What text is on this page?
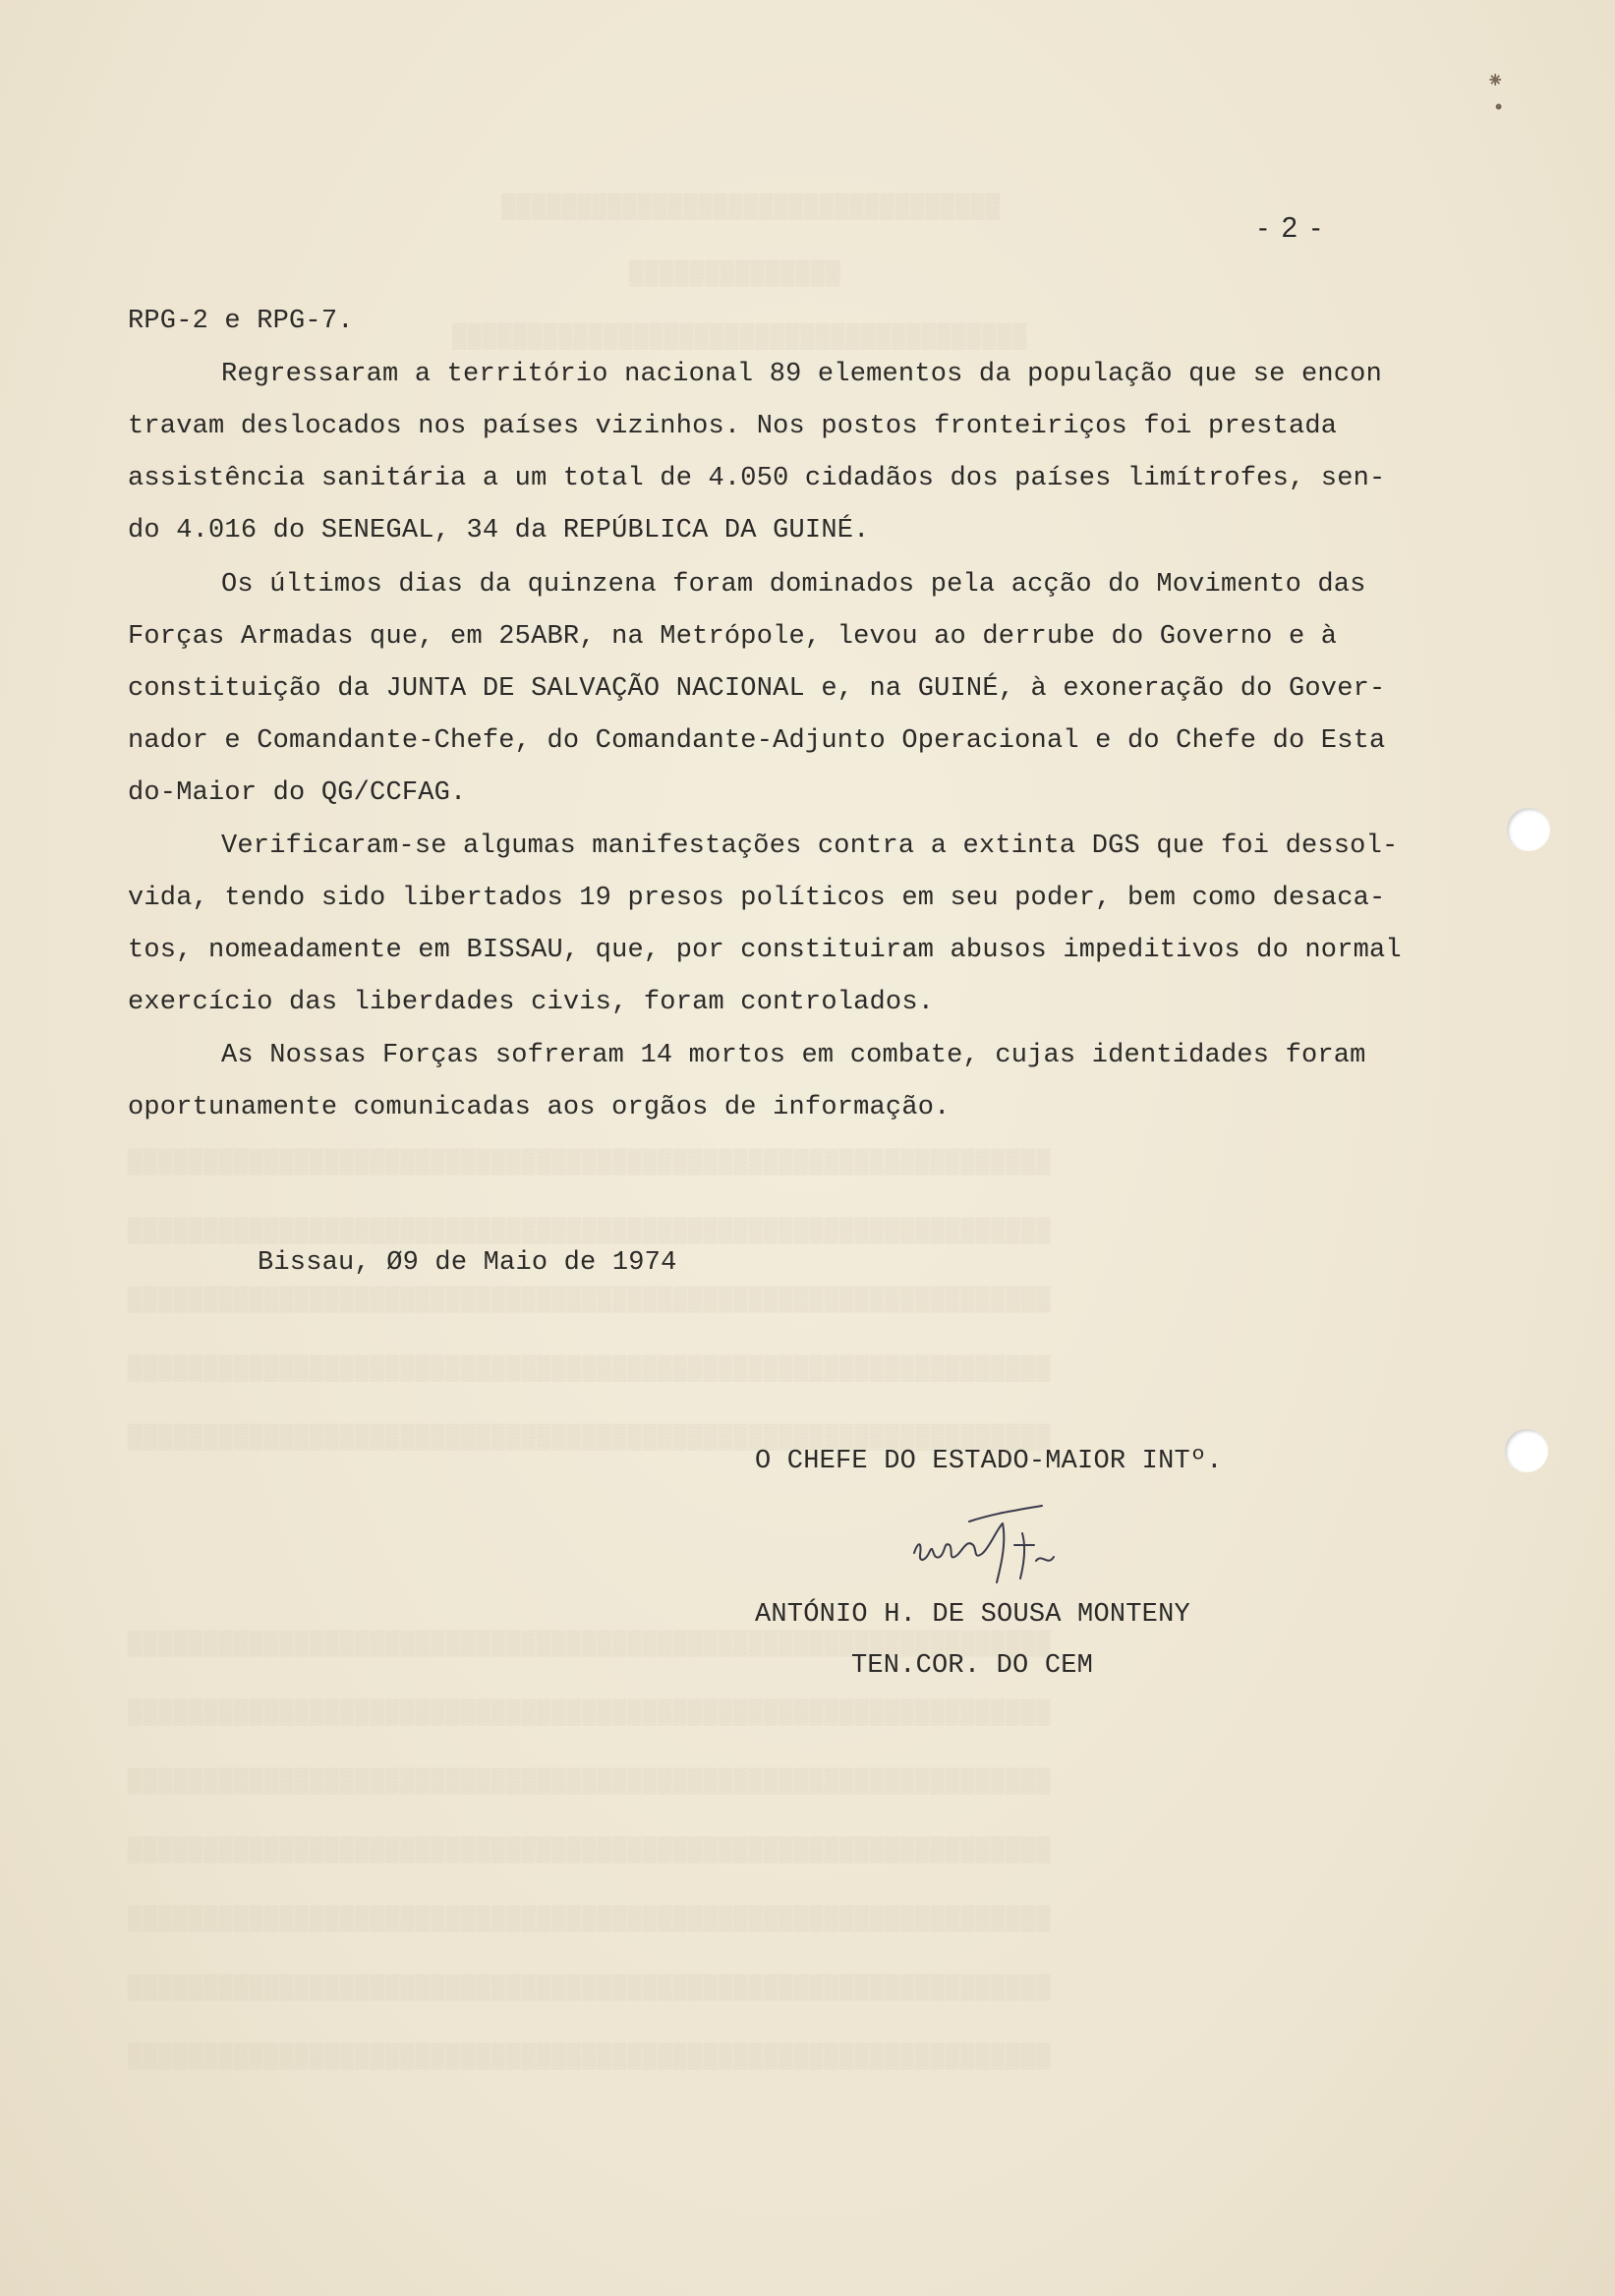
▒▒▒▒▒▒▒▒▒▒▒▒▒▒▒▒▒▒▒▒▒▒▒▒▒▒▒▒▒▒▒▒▒
▒▒▒▒▒▒▒▒▒▒▒▒▒▒
▒▒▒▒▒▒▒▒▒▒▒▒▒▒▒▒▒▒▒▒▒▒▒▒▒▒▒▒▒▒▒▒▒▒▒▒▒▒
▒▒▒▒▒▒▒▒▒▒▒▒▒▒▒▒▒▒▒▒▒▒▒▒▒▒▒▒▒▒▒▒▒▒▒▒▒▒▒▒▒▒▒▒▒▒▒▒▒▒▒▒▒▒▒▒▒▒▒▒▒
▒▒▒▒▒▒▒▒▒▒▒▒▒▒▒▒▒▒▒▒▒▒▒▒▒▒▒▒▒▒▒▒▒▒▒▒▒▒▒▒▒▒▒▒▒▒▒▒▒▒▒▒▒▒▒▒▒▒▒▒▒
▒▒▒▒▒▒▒▒▒▒▒▒▒▒▒▒▒▒▒▒▒▒▒▒▒▒▒▒▒▒▒▒▒▒▒▒▒▒▒▒▒▒▒▒▒▒▒▒▒▒▒▒▒▒▒▒▒▒▒▒▒
▒▒▒▒▒▒▒▒▒▒▒▒▒▒▒▒▒▒▒▒▒▒▒▒▒▒▒▒▒▒▒▒▒▒▒▒▒▒▒▒▒▒▒▒▒▒▒▒▒▒▒▒▒▒▒▒▒▒▒▒▒
▒▒▒▒▒▒▒▒▒▒▒▒▒▒▒▒▒▒▒▒▒▒▒▒▒▒▒▒▒▒▒▒▒▒▒▒▒▒▒▒▒▒▒▒▒▒▒▒▒▒▒▒▒▒▒▒▒▒▒▒▒
▒▒▒▒▒▒▒▒▒▒▒▒▒▒▒▒▒▒▒▒▒▒▒▒▒▒▒▒▒▒▒▒▒▒▒▒▒▒▒▒▒▒▒▒▒▒▒▒▒▒▒▒▒▒▒▒▒▒▒▒▒
▒▒▒▒▒▒▒▒▒▒▒▒▒▒▒▒▒▒▒▒▒▒▒▒▒▒▒▒▒▒▒▒▒▒▒▒▒▒▒▒▒▒▒▒▒▒▒▒▒▒▒▒▒▒▒▒▒▒▒▒▒
▒▒▒▒▒▒▒▒▒▒▒▒▒▒▒▒▒▒▒▒▒▒▒▒▒▒▒▒▒▒▒▒▒▒▒▒▒▒▒▒▒▒▒▒▒▒▒▒▒▒▒▒▒▒▒▒▒▒▒▒▒
▒▒▒▒▒▒▒▒▒▒▒▒▒▒▒▒▒▒▒▒▒▒▒▒▒▒▒▒▒▒▒▒▒▒▒▒▒▒▒▒▒▒▒▒▒▒▒▒▒▒▒▒▒▒▒▒▒▒▒▒▒
▒▒▒▒▒▒▒▒▒▒▒▒▒▒▒▒▒▒▒▒▒▒▒▒▒▒▒▒▒▒▒▒▒▒▒▒▒▒▒▒▒▒▒▒▒▒▒▒▒▒▒▒▒▒▒▒▒▒▒▒▒
▒▒▒▒▒▒▒▒▒▒▒▒▒▒▒▒▒▒▒▒▒▒▒▒▒▒▒▒▒▒▒▒▒▒▒▒▒▒▒▒▒▒▒▒▒▒▒▒▒▒▒▒▒▒▒▒▒▒▒▒▒
▒▒▒▒▒▒▒▒▒▒▒▒▒▒▒▒▒▒▒▒▒▒▒▒▒▒▒▒▒▒▒▒▒▒▒▒▒▒▒▒▒▒▒▒▒▒▒▒▒▒▒▒▒▒▒▒▒▒▒▒▒
⁕
•
- 2 -
RPG-2 e RPG-7.
Regressaram a território nacional 89 elementos da população que se encon
travam deslocados nos países vizinhos. Nos postos fronteiriços foi prestada
assistência sanitária a um total de 4.050 cidadãos dos países limítrofes, sen-
do 4.016 do SENEGAL, 34 da REPÚBLICA DA GUINÉ.
Os últimos dias da quinzena foram dominados pela acção do Movimento das
Forças Armadas que, em 25ABR, na Metrópole, levou ao derrube do Governo e à
constituição da JUNTA DE SALVAÇÃO NACIONAL e, na GUINÉ, à exoneração do Gover-
nador e Comandante-Chefe, do Comandante-Adjunto Operacional e do Chefe do Esta
do-Maior do QG/CCFAG.
Verificaram-se algumas manifestações contra a extinta DGS que foi dessol-
vida, tendo sido libertados 19 presos políticos em seu poder, bem como desaca-
tos, nomeadamente em BISSAU, que, por constituiram abusos impeditivos do normal
exercício das liberdades civis, foram controlados.
As Nossas Forças sofreram 14 mortos em combate, cujas identidades foram
oportunamente comunicadas aos orgãos de informação.
Bissau, Ø9 de Maio de 1974
O CHEFE DO ESTADO-MAIOR INTº.
ANTÓNIO H. DE SOUSA MONTENY
TEN.COR. DO CEM
